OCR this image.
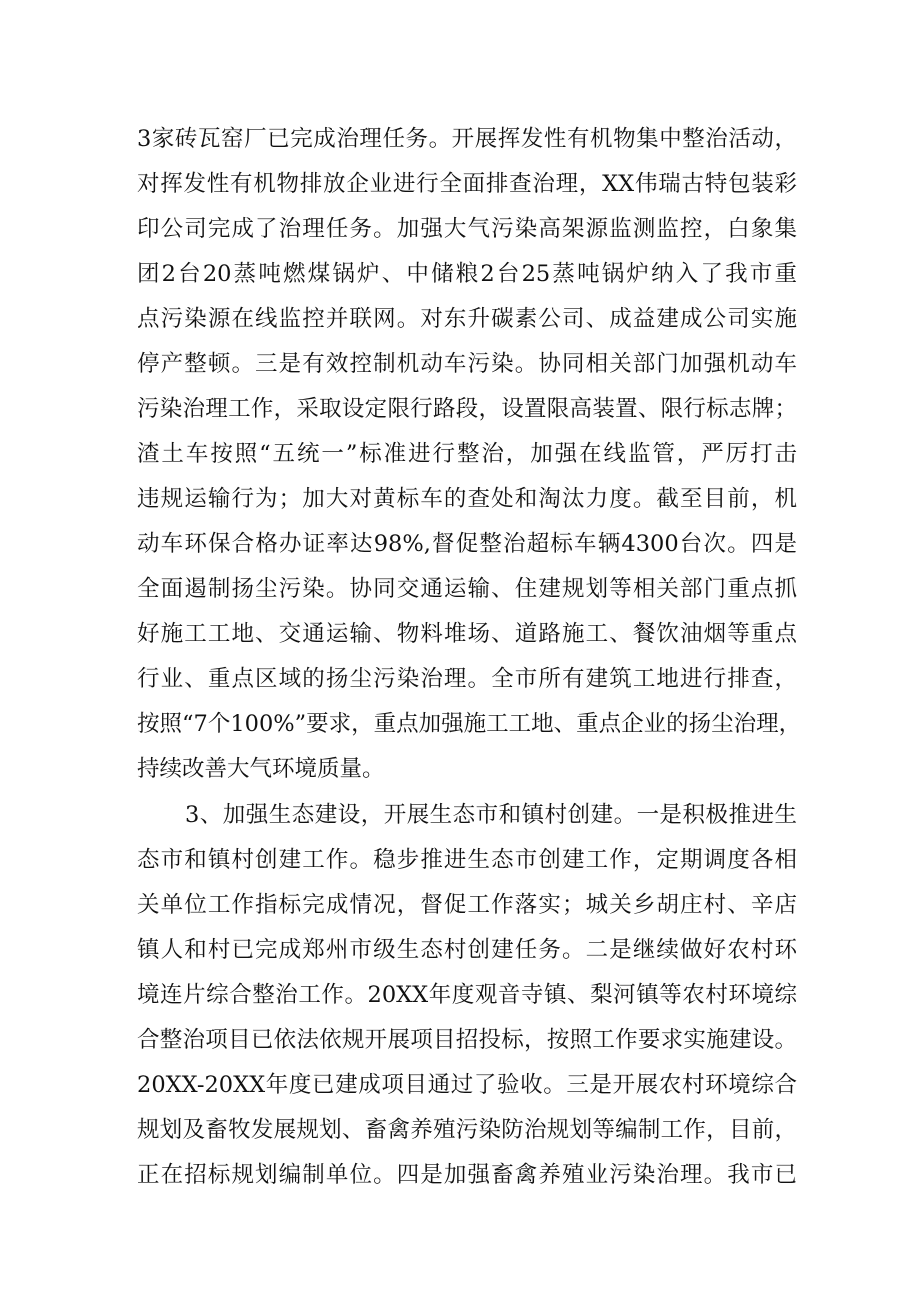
3家砖瓦窑厂已完成治理任务。开展挥发性有机物集中整治活动，
对挥发性有机物排放企业进行全面排查治理，XX伟瑞古特包装彩
印公司完成了治理任务。加强大气污染高架源监测监控，白象集
团2台20蒸吨燃煤锅炉、中储粮2台25蒸吨锅炉纳入了我市重
点污染源在线监控并联网。对东升碳素公司、成益建成公司实施
停产整顿。三是有效控制机动车污染。协同相关部门加强机动车
污染治理工作，采取设定限行路段，设置限高装置、限行标志牌；
渣土车按照“五统一”标准进行整治，加强在线监管，严厉打击
违规运输行为；加大对黄标车的查处和淘汰力度。截至目前，机
动车环保合格办证率达98%,督促整治超标车辆4300台次。四是
全面遏制扬尘污染。协同交通运输、住建规划等相关部门重点抓
好施工工地、交通运输、物料堆场、道路施工、餐饮油烟等重点
行业、重点区域的扬尘污染治理。全市所有建筑工地进行排查，
按照“7个100%”要求，重点加强施工工地、重点企业的扬尘治理，
持续改善大气环境质量。
3、加强生态建设，开展生态市和镇村创建。一是积极推进生
态市和镇村创建工作。稳步推进生态市创建工作，定期调度各相
关单位工作指标完成情况，督促工作落实；城关乡胡庄村、辛店
镇人和村已完成郑州市级生态村创建任务。二是继续做好农村环
境连片综合整治工作。20XX年度观音寺镇、梨河镇等农村环境综
合整治项目已依法依规开展项目招投标，按照工作要求实施建设。
20XX-20XX年度已建成项目通过了验收。三是开展农村环境综合
规划及畜牧发展规划、畜禽养殖污染防治规划等编制工作，目前，
正在招标规划编制单位。四是加强畜禽养殖业污染治理。我市已
